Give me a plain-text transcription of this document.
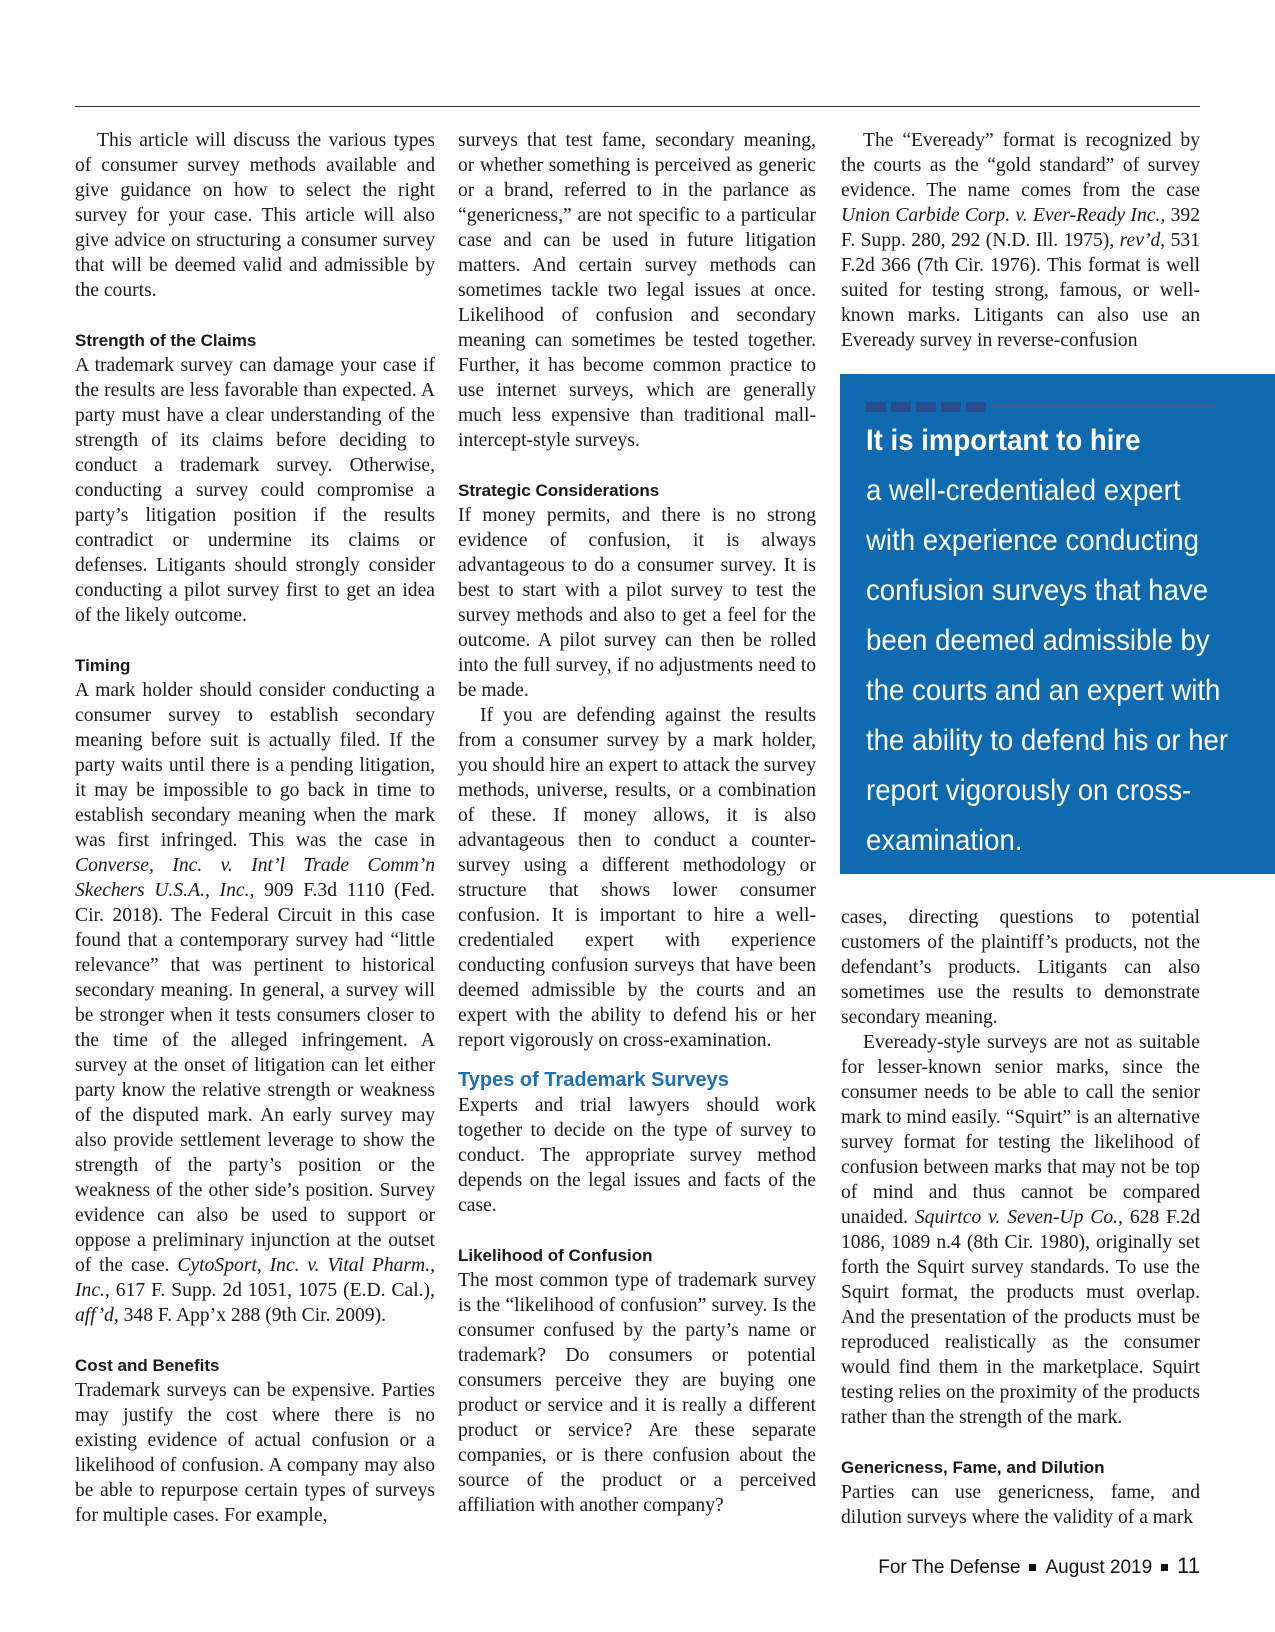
This article will discuss the various types of consumer survey methods available and give guidance on how to select the right survey for your case. This article will also give advice on structuring a consumer survey that will be deemed valid and admissible by the courts.

Strength of the Claims

A trademark survey can damage your case if the results are less favorable than expected. A party must have a clear understanding of the strength of its claims before deciding to conduct a trademark survey. Otherwise, conducting a survey could compromise a party’s litigation position if the results contradict or undermine its claims or defenses. Litigants should strongly consider conducting a pilot survey first to get an idea of the likely outcome.

Timing

A mark holder should consider conducting a consumer survey to establish secondary meaning before suit is actually filed. If the party waits until there is a pending litigation, it may be impossible to go back in time to establish secondary meaning when the mark was first infringed. This was the case in Converse, Inc. v. Int’l Trade Comm’n Skechers U.S.A., Inc., 909 F.3d 1110 (Fed. Cir. 2018). The Federal Circuit in this case found that a contemporary survey had “little relevance” that was pertinent to historical secondary meaning. In general, a survey will be stronger when it tests consumers closer to the time of the alleged infringement. A survey at the onset of litigation can let either party know the relative strength or weakness of the disputed mark. An early survey may also provide settlement leverage to show the strength of the party’s position or the weakness of the other side’s position. Survey evidence can also be used to support or oppose a preliminary injunction at the outset of the case. CytoSport, Inc. v. Vital Pharm., Inc., 617 F. Supp. 2d 1051, 1075 (E.D. Cal.), aff’d, 348 F. App’x 288 (9th Cir. 2009).

Cost and Benefits

Trademark surveys can be expensive. Parties may justify the cost where there is no existing evidence of actual confusion or a likelihood of confusion. A company may also be able to repurpose certain types of surveys for multiple cases. For example,

surveys that test fame, secondary meaning, or whether something is perceived as generic or a brand, referred to in the parlance as “genericness,” are not specific to a particular case and can be used in future litigation matters. And certain survey methods can sometimes tackle two legal issues at once. Likelihood of confusion and secondary meaning can sometimes be tested together. Further, it has become common practice to use internet surveys, which are generally much less expensive than traditional mall-intercept-style surveys.

Strategic Considerations

If money permits, and there is no strong evidence of confusion, it is always advantageous to do a consumer survey. It is best to start with a pilot survey to test the survey methods and also to get a feel for the outcome. A pilot survey can then be rolled into the full survey, if no adjustments need to be made.

If you are defending against the results from a consumer survey by a mark holder, you should hire an expert to attack the survey methods, universe, results, or a combination of these. If money allows, it is also advantageous then to conduct a counter-survey using a different methodology or structure that shows lower consumer confusion. It is important to hire a well-credentialed expert with experience conducting confusion surveys that have been deemed admissible by the courts and an expert with the ability to defend his or her report vigorously on cross-examination.

Types of Trademark Surveys

Experts and trial lawyers should work together to decide on the type of survey to conduct. The appropriate survey method depends on the legal issues and facts of the case.

Likelihood of Confusion

The most common type of trademark survey is the “likelihood of confusion” survey. Is the consumer confused by the party’s name or trademark? Do consumers or potential consumers perceive they are buying one product or service and it is really a different product or service? Are these separate companies, or is there confusion about the source of the product or a perceived affiliation with another company?

The “Eveready” format is recognized by the courts as the “gold standard” of survey evidence. The name comes from the case Union Carbide Corp. v. Ever-Ready Inc., 392 F. Supp. 280, 292 (N.D. Ill. 1975), rev’d, 531 F.2d 366 (7th Cir. 1976). This format is well suited for testing strong, famous, or well-known marks. Litigants can also use an Eveready survey in reverse-confusion

It is important to hire
a well-credentialed expert with experience conducting confusion surveys that have been deemed admissible by the courts and an expert with the ability to defend his or her report vigorously on cross-examination.

cases, directing questions to potential customers of the plaintiff’s products, not the defendant’s products. Litigants can also sometimes use the results to demonstrate secondary meaning.

Eveready-style surveys are not as suitable for lesser-known senior marks, since the consumer needs to be able to call the senior mark to mind easily. “Squirt” is an alternative survey format for testing the likelihood of confusion between marks that may not be top of mind and thus cannot be compared unaided. Squirtco v. Seven-Up Co., 628 F.2d 1086, 1089 n.4 (8th Cir. 1980), originally set forth the Squirt survey standards. To use the Squirt format, the products must overlap. And the presentation of the products must be reproduced realistically as the consumer would find them in the marketplace. Squirt testing relies on the proximity of the products rather than the strength of the mark.

Genericness, Fame, and Dilution

Parties can use genericness, fame, and dilution surveys where the validity of a mark

For The Defense August 2019 11
